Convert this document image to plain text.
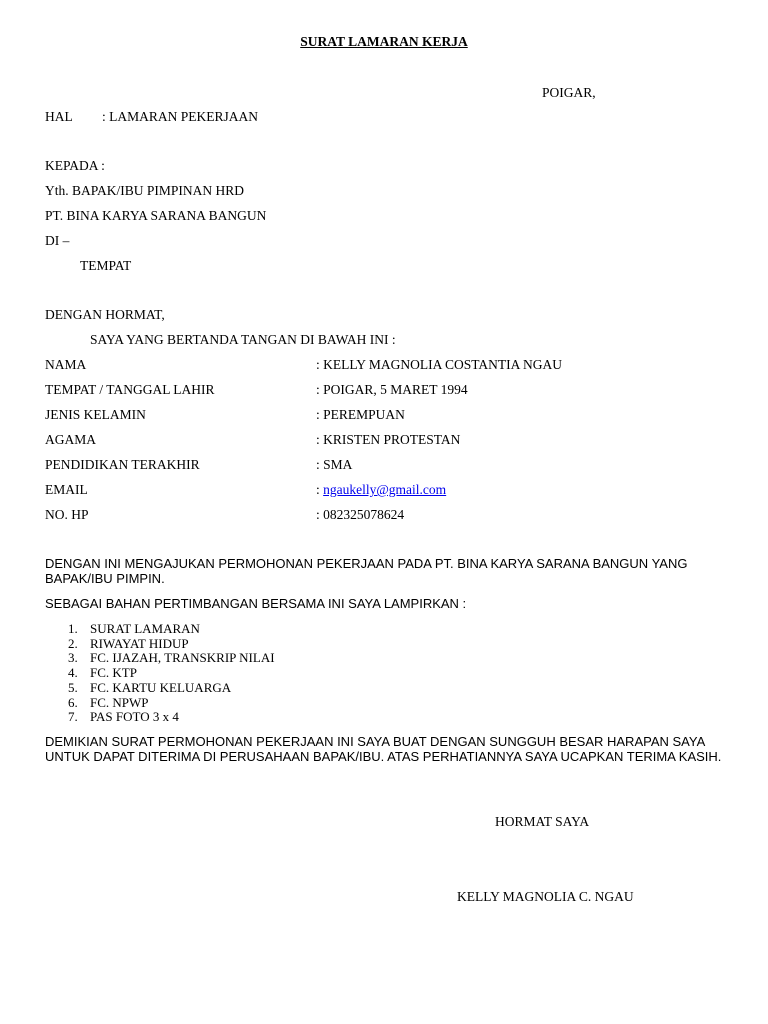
SURAT LAMARAN KERJA
POIGAR,
HAL : LAMARAN PEKERJAAN
KEPADA :
Yth. BAPAK/IBU PIMPINAN HRD
PT. BINA KARYA SARANA BANGUN
DI –
TEMPAT
DENGAN HORMAT,
SAYA YANG BERTANDA TANGAN DI BAWAH INI :
NAMA	: KELLY MAGNOLIA COSTANTIA NGAU
TEMPAT / TANGGAL LAHIR	: POIGAR, 5 MARET 1994
JENIS KELAMIN	: PEREMPUAN
AGAMA	: KRISTEN PROTESTAN
PENDIDIKAN TERAKHIR	: SMA
EMAIL	: ngaukelly@gmail.com
NO. HP	: 082325078624
DENGAN INI MENGAJUKAN PERMOHONAN PEKERJAAN PADA PT. BINA KARYA SARANA BANGUN YANG BAPAK/IBU PIMPIN.
SEBAGAI BAHAN PERTIMBANGAN BERSAMA INI SAYA LAMPIRKAN :
1. SURAT LAMARAN
2. RIWAYAT HIDUP
3. FC. IJAZAH, TRANSKRIP NILAI
4. FC. KTP
5. FC. KARTU KELUARGA
6. FC. NPWP
7. PAS FOTO 3 x 4
DEMIKIAN SURAT PERMOHONAN PEKERJAAN INI SAYA BUAT DENGAN SUNGGUH BESAR HARAPAN SAYA UNTUK DAPAT DITERIMA DI PERUSAHAAN BAPAK/IBU. ATAS PERHATIANNYA SAYA UCAPKAN TERIMA KASIH.
HORMAT SAYA
KELLY MAGNOLIA C. NGAU
